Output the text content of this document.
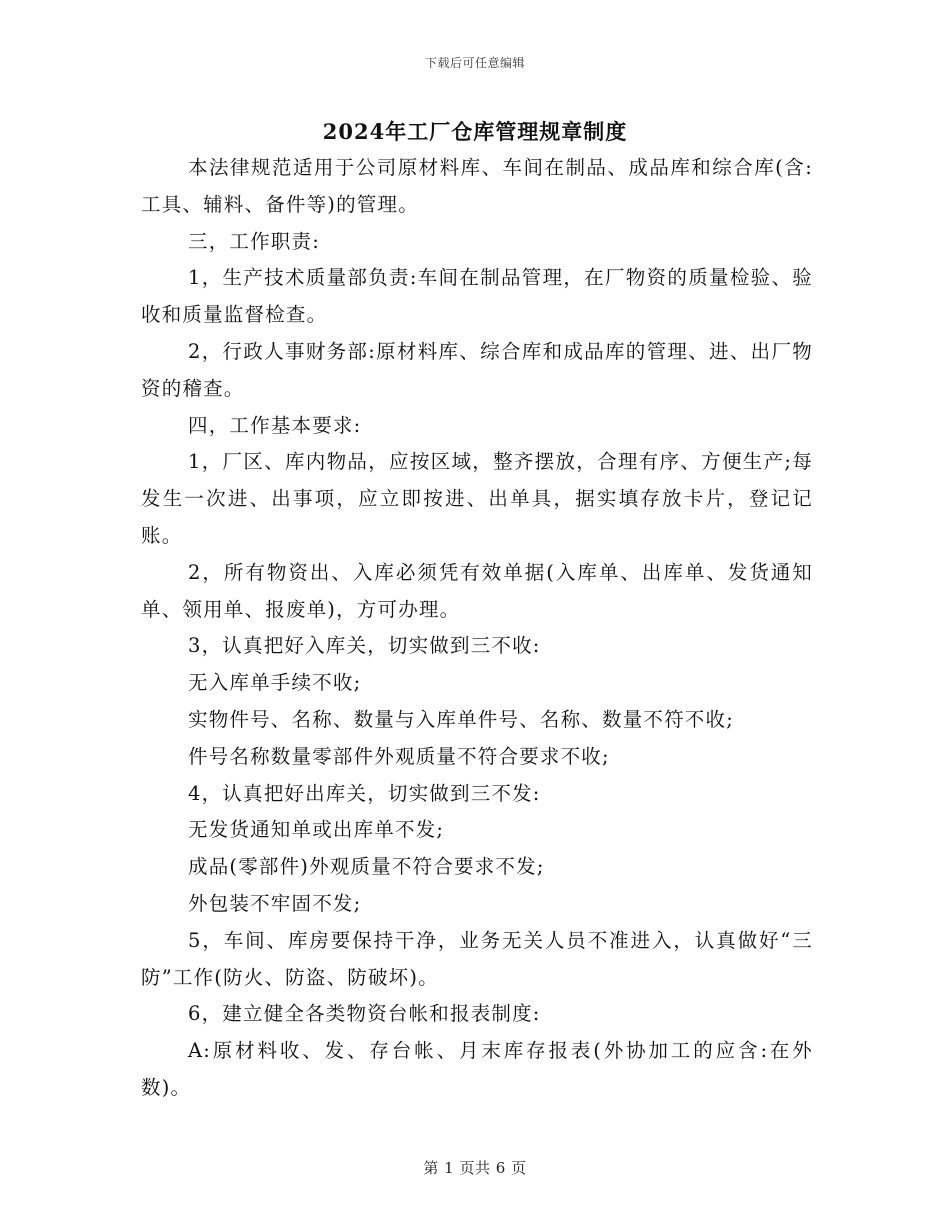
下载后可任意编辑
2024年工厂仓库管理规章制度

本法律规范适用于公司原材料库、车间在制品、成品库和综合库(含:工具、辅料、备件等)的管理。

三，工作职责:

1，生产技术质量部负责:车间在制品管理，在厂物资的质量检验、验收和质量监督检查。

2，行政人事财务部:原材料库、综合库和成品库的管理、进、出厂物资的稽查。

四，工作基本要求:

1，厂区、库内物品，应按区域，整齐摆放，合理有序、方便生产;每发生一次进、出事项，应立即按进、出单具，据实填存放卡片，登记记账。

2，所有物资出、入库必须凭有效单据(入库单、出库单、发货通知单、领用单、报废单)，方可办理。

3，认真把好入库关，切实做到三不收:

无入库单手续不收;

实物件号、名称、数量与入库单件号、名称、数量不符不收;

件号名称数量零部件外观质量不符合要求不收;

4，认真把好出库关，切实做到三不发:

无发货通知单或出库单不发;

成品(零部件)外观质量不符合要求不发;

外包装不牢固不发;

5，车间、库房要保持干净，业务无关人员不准进入，认真做好“三防”工作(防火、防盗、防破坏)。

6，建立健全各类物资台帐和报表制度:

A:原材料收、发、存台帐、月末库存报表(外协加工的应含:在外数)。

第 1 页共 6 页
